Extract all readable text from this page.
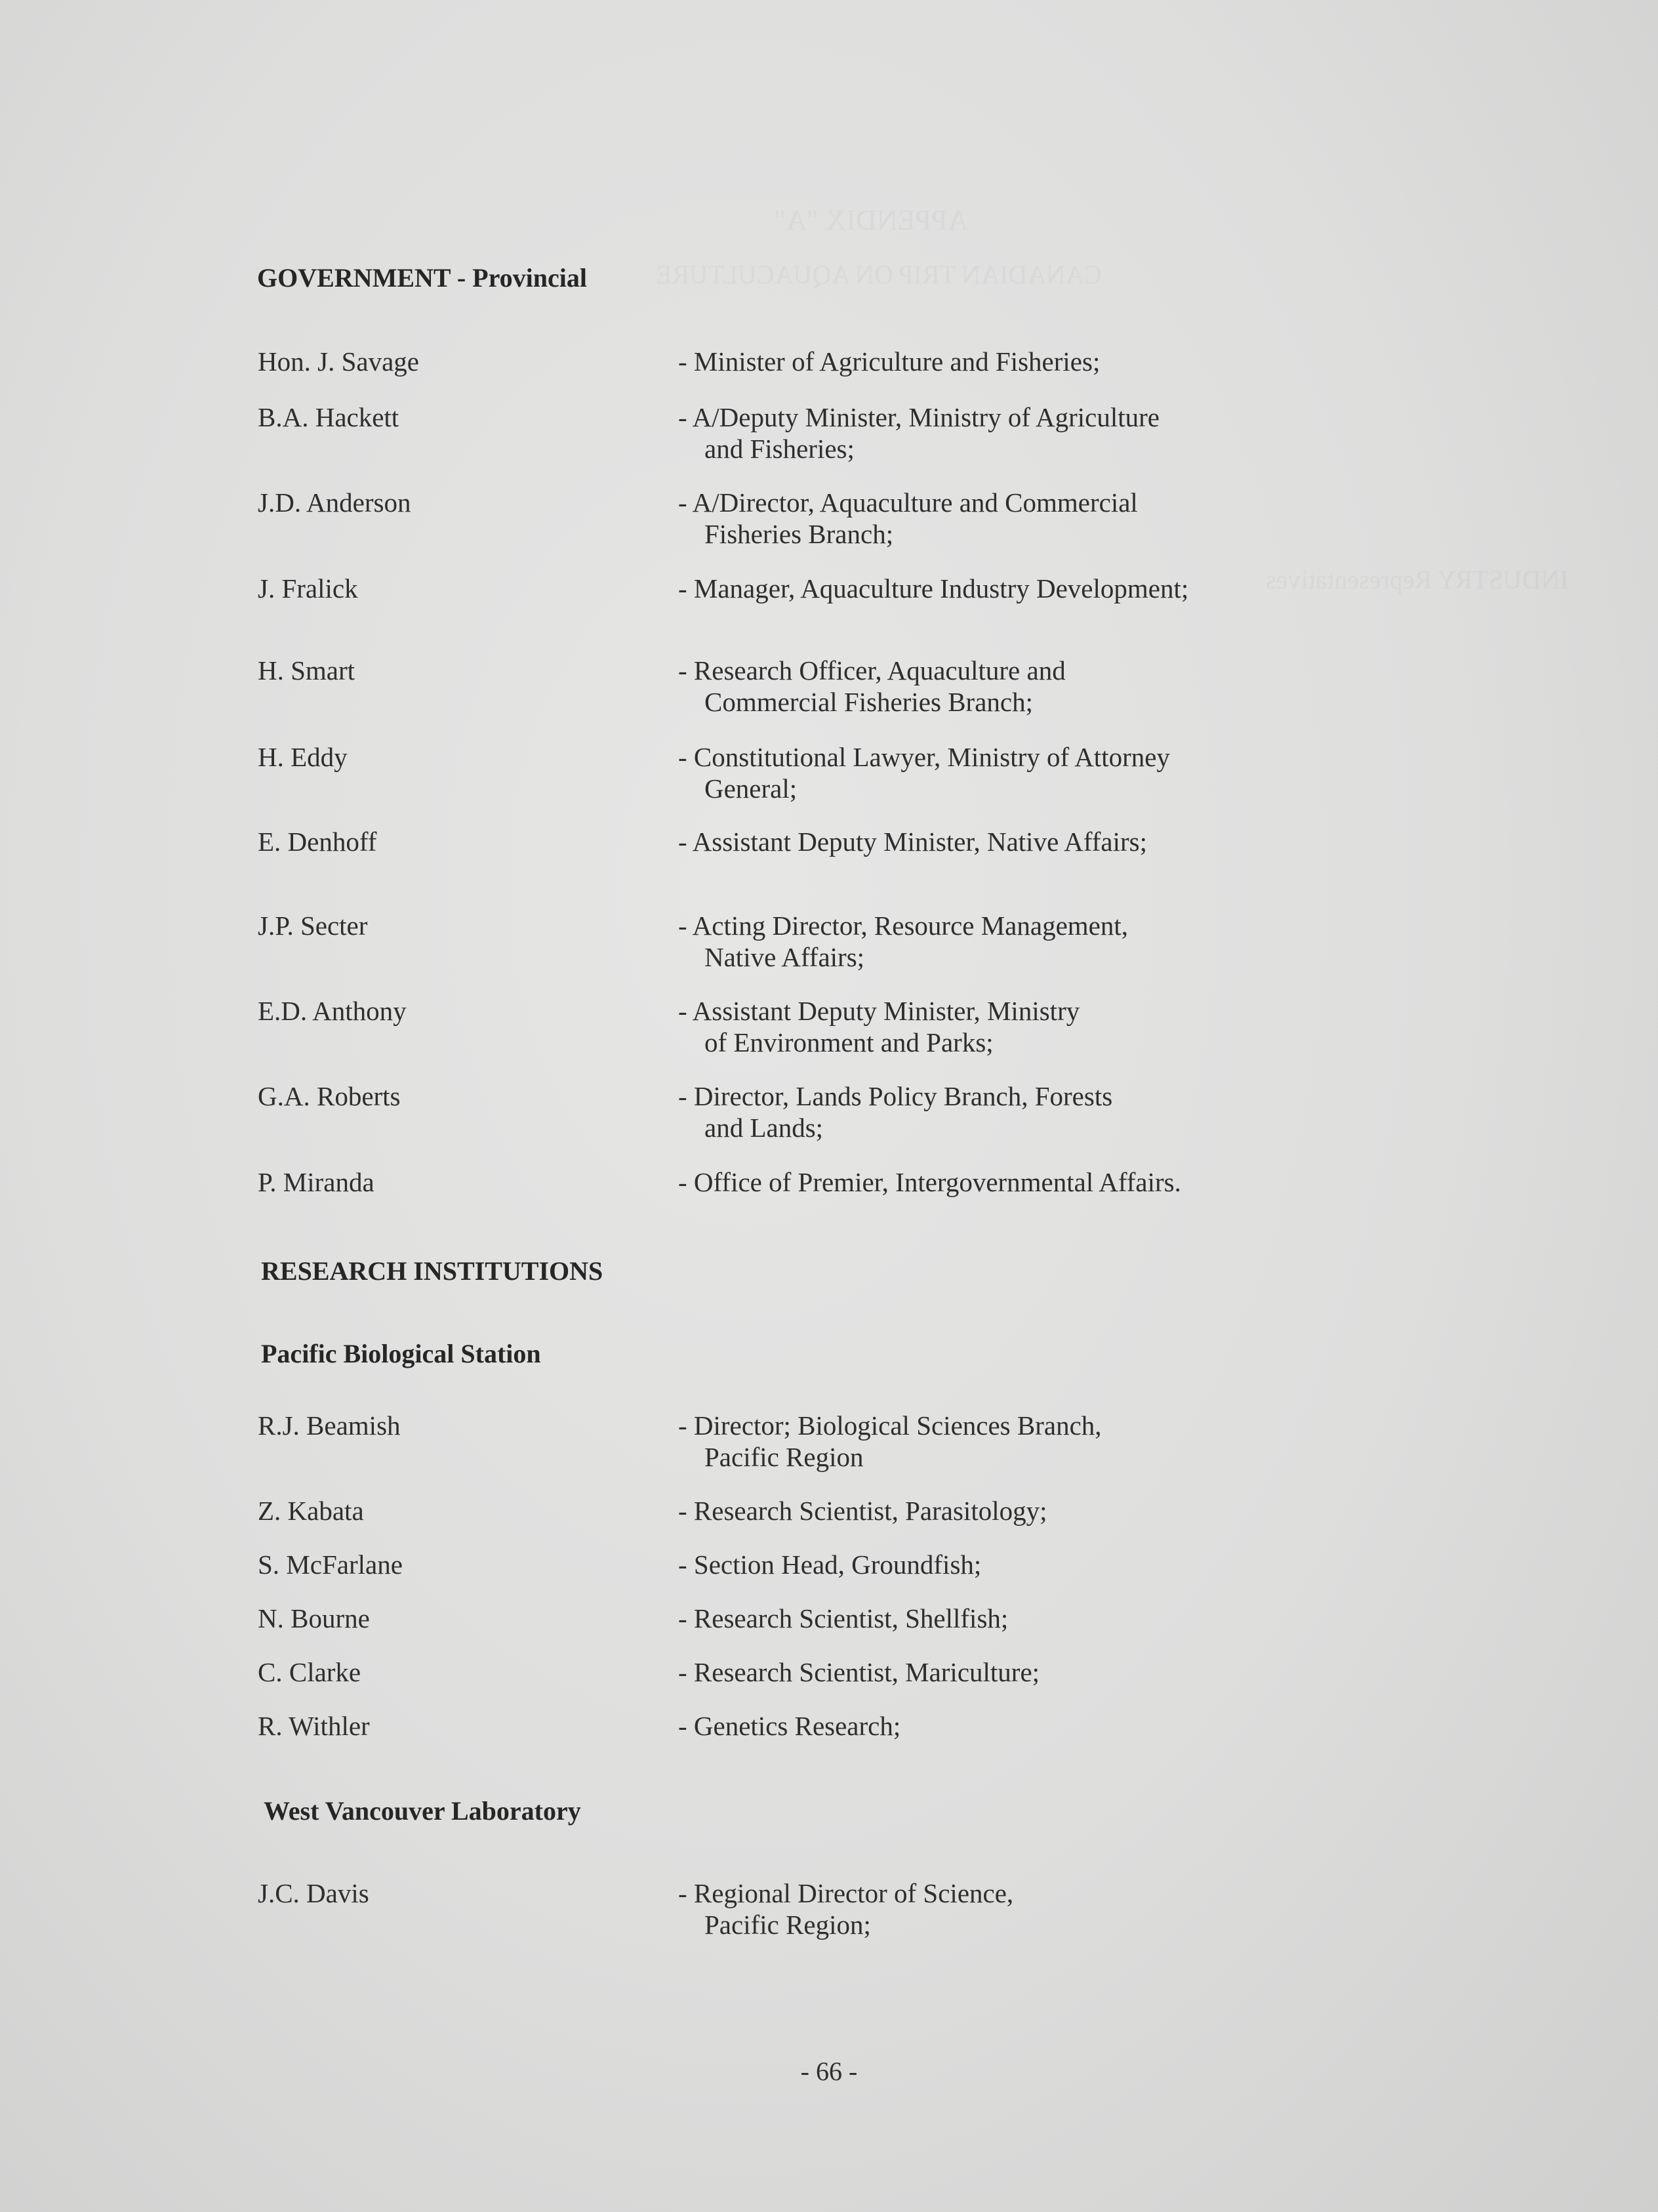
GOVERNMENT - Provincial
Hon. J. Savage	- Minister of Agriculture and Fisheries;
B.A. Hackett	- A/Deputy Minister, Ministry of Agriculture
and Fisheries;
J.D. Anderson	- A/Director, Aquaculture and Commercial
Fisheries Branch;
J. Fralick	- Manager, Aquaculture Industry Development;
H. Smart	- Research Officer, Aquaculture and
Commercial Fisheries Branch;
H. Eddy	- Constitutional Lawyer, Ministry of Attorney
General;
E. Denhoff	- Assistant Deputy Minister, Native Affairs;
J.P. Secter	- Acting Director, Resource Management,
Native Affairs;
E.D. Anthony	- Assistant Deputy Minister, Ministry
of Environment and Parks;
G.A. Roberts	- Director, Lands Policy Branch, Forests
and Lands;
P. Miranda	- Office of Premier, Intergovernmental Affairs.
RESEARCH INSTITUTIONS
Pacific Biological Station
R.J. Beamish	- Director; Biological Sciences Branch,
Pacific Region
Z. Kabata	- Research Scientist, Parasitology;
S. McFarlane	- Section Head, Groundfish;
N. Bourne	- Research Scientist, Shellfish;
C. Clarke	- Research Scientist, Mariculture;
R. Withler	- Genetics Research;
West Vancouver Laboratory
J.C. Davis	- Regional Director of Science,
Pacific Region;
- 66 -
